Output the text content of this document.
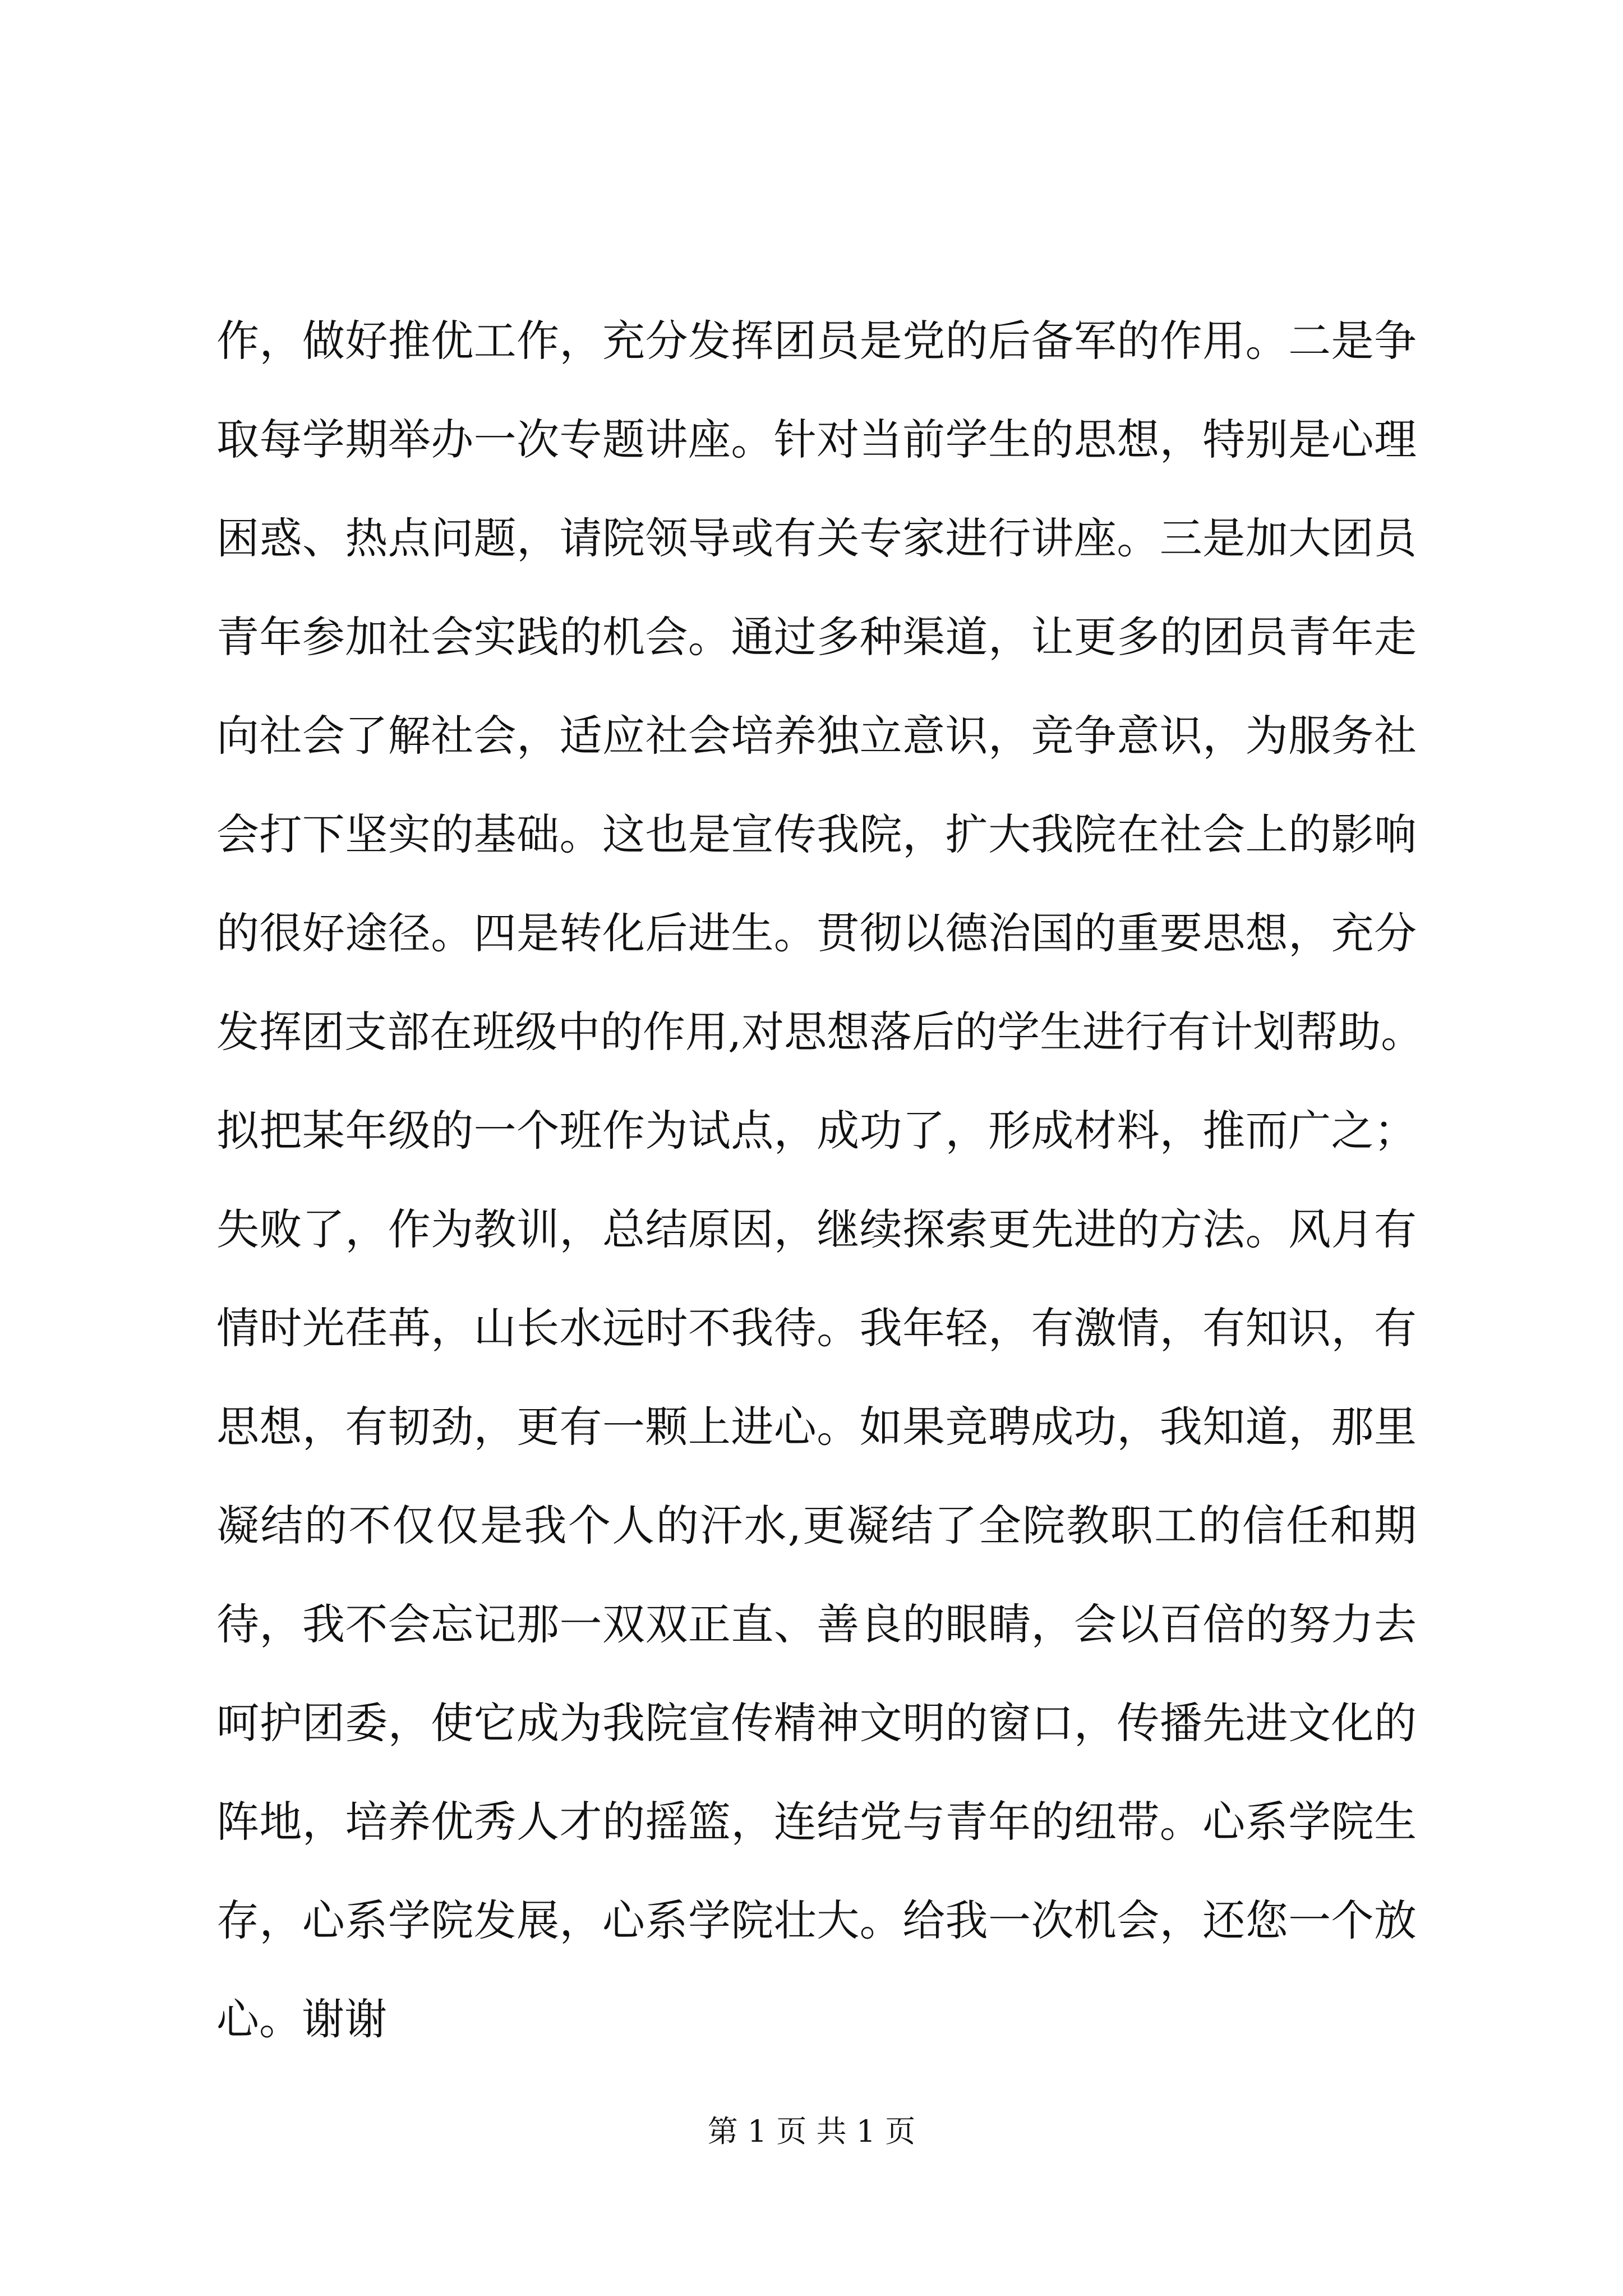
作，做好推优工作，充分发挥团员是党的后备军的作用。二是争
取每学期举办一次专题讲座。针对当前学生的思想，特别是心理
困惑、热点问题，请院领导或有关专家进行讲座。三是加大团员
青年参加社会实践的机会。通过多种渠道，让更多的团员青年走
向社会了解社会，适应社会培养独立意识，竞争意识，为服务社
会打下坚实的基础。这也是宣传我院，扩大我院在社会上的影响
的很好途径。四是转化后进生。贯彻以德治国的重要思想，充分
发挥团支部在班级中的作用,对思想落后的学生进行有计划帮助。
拟把某年级的一个班作为试点，成功了，形成材料，推而广之；
失败了，作为教训，总结原因，继续探索更先进的方法。风月有
情时光荏苒，山长水远时不我待。我年轻，有激情，有知识，有
思想，有韧劲，更有一颗上进心。如果竞聘成功，我知道，那里
凝结的不仅仅是我个人的汗水,更凝结了全院教职工的信任和期
待，我不会忘记那一双双正直、善良的眼睛，会以百倍的努力去
呵护团委，使它成为我院宣传精神文明的窗口，传播先进文化的
阵地，培养优秀人才的摇篮，连结党与青年的纽带。心系学院生
存，心系学院发展，心系学院壮大。给我一次机会，还您一个放
心。谢谢
第 1 页 共 1 页
